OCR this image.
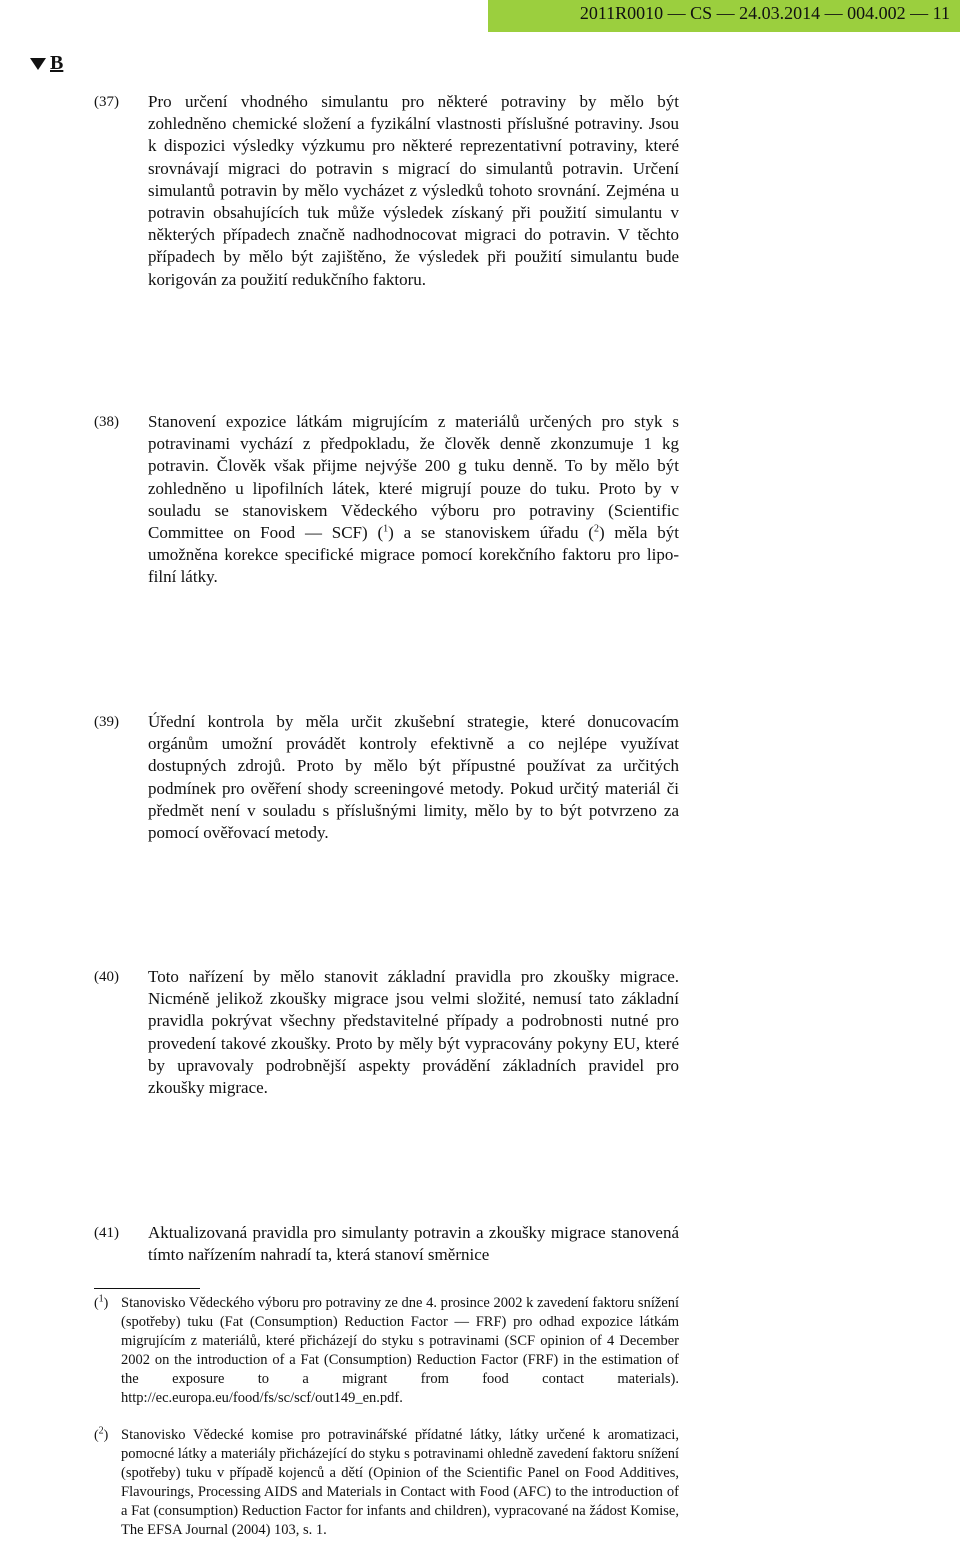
2011R0010 — CS — 24.03.2014 — 004.002 — 11
B
(37) Pro určení vhodného simulantu pro některé potraviny by mělo být zohledněno chemické složení a fyzikální vlastnosti příslušné potraviny. Jsou k dispozici výsledky výzkumu pro některé reprezentativní potraviny, které srovnávají migraci do potravin s migrací do simulantů potravin. Určení simulantů potravin by mělo vycházet z výsledků tohoto srovnání. Zejména u potravin obsahujících tuk může výsledek získaný při použití simulantu v některých případech značně nadhodnocovat migraci do potravin. V těchto případech by mělo být zajištěno, že výsledek při použití simulantu bude korigován za použití redukčního faktoru.
(38) Stanovení expozice látkám migrujícím z materiálů určených pro styk s potravinami vychází z předpokladu, že člověk denně zkonzumuje 1 kg potravin. Člověk však přijme nejvýše 200 g tuku denně. To by mělo být zohledněno u lipofilních látek, které migrují pouze do tuku. Proto by v souladu se stanoviskem Vědeckého výboru pro potraviny (Scientific Committee on Food — SCF) ($^1$) a se stanoviskem úřadu ($^2$) měla být umožněna korekce specifické migrace pomocí korekčního faktoru pro lipofilní látky.
(39) Úřední kontrola by měla určit zkušební strategie, které donucovacím orgánům umožní provádět kontroly efektivně a co nejlépe využívat dostupných zdrojů. Proto by mělo být přípustné používat za určitých podmínek pro ověření shody screeningové metody. Pokud určitý materiál či předmět není v souladu s příslušnými limity, mělo by to být potvrzeno za pomocí ověřovací metody.
(40) Toto nařízení by mělo stanovit základní pravidla pro zkoušky migrace. Nicméně jelikož zkoušky migrace jsou velmi složité, nemusí tato základní pravidla pokrývat všechny představitelné případy a podrobnosti nutné pro provedení takové zkoušky. Proto by měly být vypracovány pokyny EU, které by upravovaly podrobnější aspekty provádění základních pravidel pro zkoušky migrace.
(41) Aktualizovaná pravidla pro simulanty potravin a zkoušky migrace stanovená tímto nařízením nahradí ta, která stanoví směrnice
($^1$) Stanovisko Vědeckého výboru pro potraviny ze dne 4. prosince 2002 k zavedení faktoru snížení (spotřeby) tuku (Fat (Consumption) Reduction Factor — FRF) pro odhad expozice látkám migrujícím z materiálů, které přicházejí do styku s potravinami (SCF opinion of 4 December 2002 on the introduction of a Fat (Consumption) Reduction Factor (FRF) in the estimation of the exposure to a migrant from food contact materials). http://ec.europa.eu/food/fs/sc/scf/out149_en.pdf.
($^2$) Stanovisko Vědecké komise pro potravinářské přídatné látky, látky určené k aromatizaci, pomocné látky a materiály přicházející do styku s potravinami ohledně zavedení faktoru snížení (spotřeby) tuku v případě kojenců a dětí (Opinion of the Scientific Panel on Food Additives, Flavourings, Processing AIDS and Materials in Contact with Food (AFC) to the introduction of a Fat (consumption) Reduction Factor for infants and children), vypracované na žádost Komise, The EFSA Journal (2004) 103, s. 1.
